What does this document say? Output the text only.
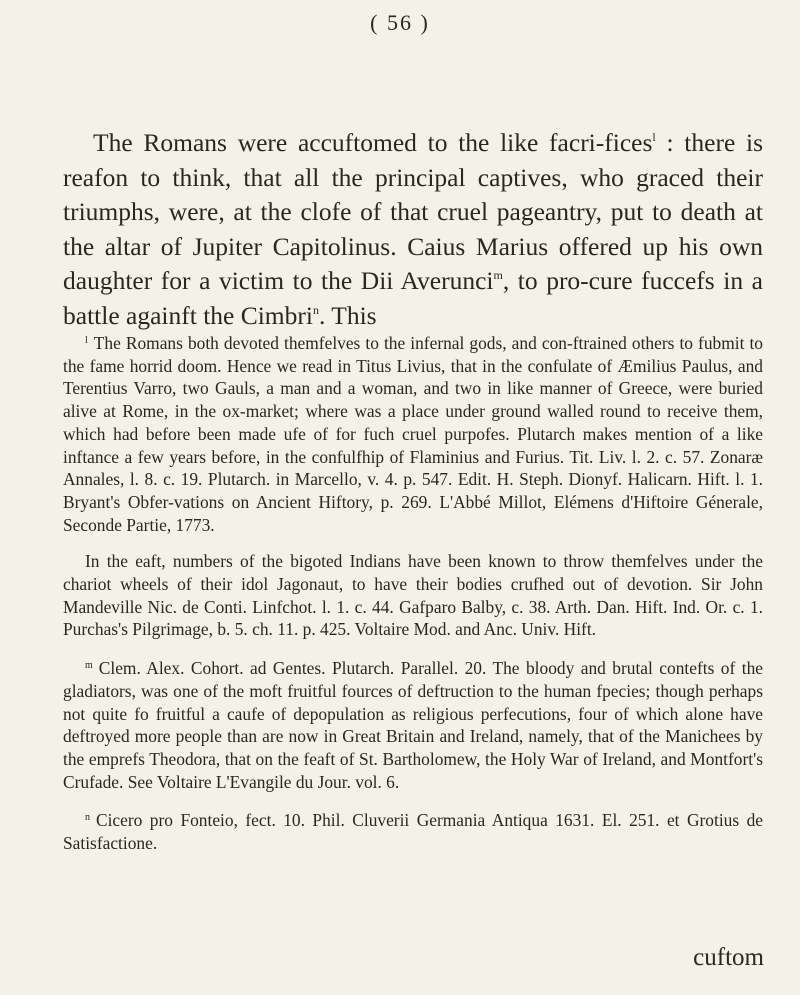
( 56 )

The Romans were accuftomed to the like facri-fices$^l$ : there is reafon to think, that all the principal captives, who graced their triumphs, were, at the clofe of that cruel pageantry, put to death at the altar of Jupiter Capitolinus. Caius Marius offered up his own daughter for a victim to the Dii Averunci$^m$, to pro-cure fuccefs in a battle againft the Cimbri$^n$. This

$^l$ The Romans both devoted themfelves to the infernal gods, and con-ftrained others to fubmit to the fame horrid doom. Hence we read in Titus Livius, that in the confulate of Æmilius Paulus, and Terentius Varro, two Gauls, a man and a woman, and two in like manner of Greece, were buried alive at Rome, in the ox-market; where was a place under ground walled round to receive them, which had before been made ufe of for fuch cruel purpofes. Plutarch makes mention of a like inftance a few years before, in the confulfhip of Flaminius and Furius. Tit. Liv. l. 2. c. 57. Zonaræ Annales, l. 8. c. 19. Plutarch. in Marcello, v. 4. p. 547. Edit. H. Steph. Dionyf. Halicarn. Hift. l. 1. Bryant's Obfer-vations on Ancient Hiftory, p. 269. L'Abbé Millot, Elémens d'Hiftoire Génerale, Seconde Partie, 1773.

In the eaft, numbers of the bigoted Indians have been known to throw themfelves under the chariot wheels of their idol Jagonaut, to have their bodies crufhed out of devotion. Sir John Mandeville Nic. de Conti. Linfchot. l. 1. c. 44. Gafparo Balby, c. 38. Arth. Dan. Hift. Ind. Or. c. 1. Purchas's Pilgrimage, b. 5. ch. 11. p. 425. Voltaire Mod. and Anc. Univ. Hift.

$^m$ Clem. Alex. Cohort. ad Gentes. Plutarch. Parallel. 20. The bloody and brutal contefts of the gladiators, was one of the moft fruitful fources of deftruction to the human fpecies; though perhaps not quite fo fruitful a caufe of depopulation as religious perfecutions, four of which alone have deftroyed more people than are now in Great Britain and Ireland, namely, that of the Manichees by the emprefs Theodora, that on the feaft of St. Bartholomew, the Holy War of Ireland, and Montfort's Crufade. See Voltaire L'Evangile du Jour. vol. 6.

$^n$ Cicero pro Fonteio, fect. 10. Phil. Cluverii Germania Antiqua 1631. El. 251. et Grotius de Satisfactione.

cuftom
